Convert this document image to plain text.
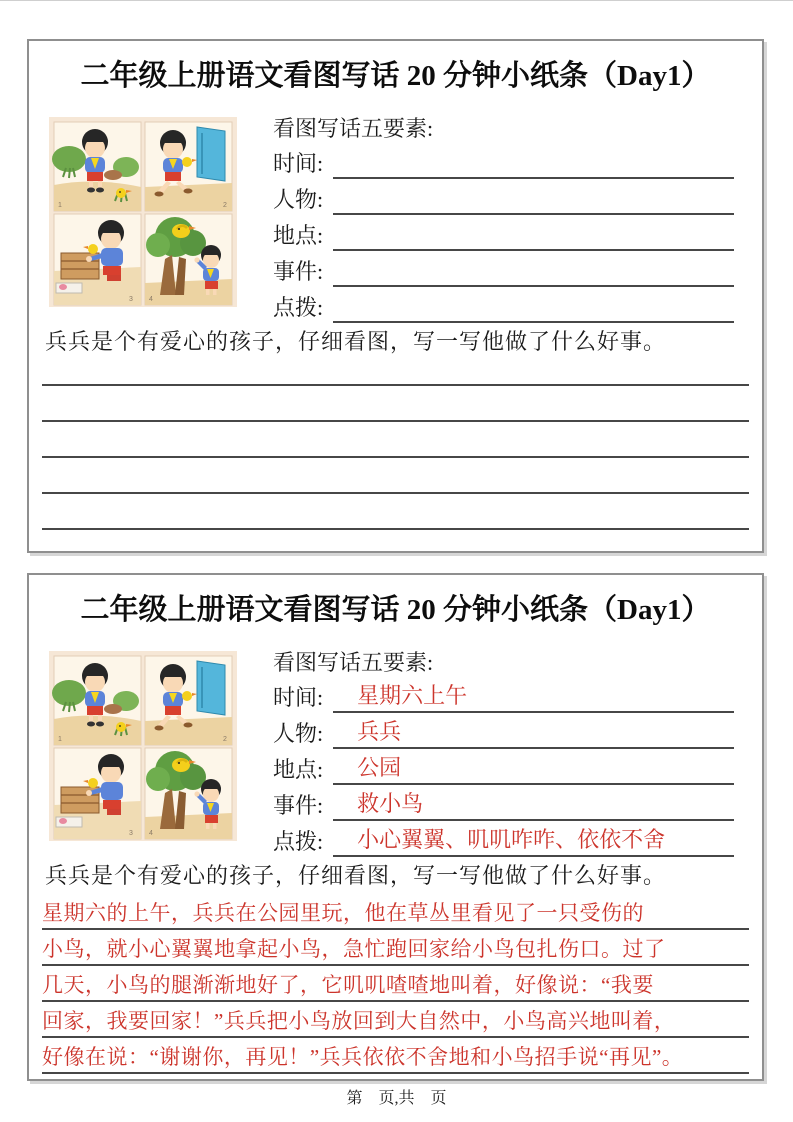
二年级上册语文看图写话 20 分钟小纸条（Day1）
看图写话五要素:
时间:
人物:
地点:
事件:
点拨:

兵兵是个有爱心的孩子，仔细看图，写一写他做了什么好事。

二年级上册语文看图写话 20 分钟小纸条（Day1）
看图写话五要素:
时间:	星期六上午
人物:	兵兵
地点:	公园
事件:	救小鸟
点拨:	小心翼翼、叽叽咋咋、依依不舍

兵兵是个有爱心的孩子，仔细看图，写一写他做了什么好事。

星期六的上午，兵兵在公园里玩，他在草丛里看见了一只受伤的
小鸟，就小心翼翼地拿起小鸟，急忙跑回家给小鸟包扎伤口。过了
几天，小鸟的腿渐渐地好了，它叽叽喳喳地叫着，好像说：“我要
回家，我要回家！”兵兵把小鸟放回到大自然中，小鸟高兴地叫着，
好像在说：“谢谢你，再见！”兵兵依依不舍地和小鸟招手说“再见”。
第　页,共　页
